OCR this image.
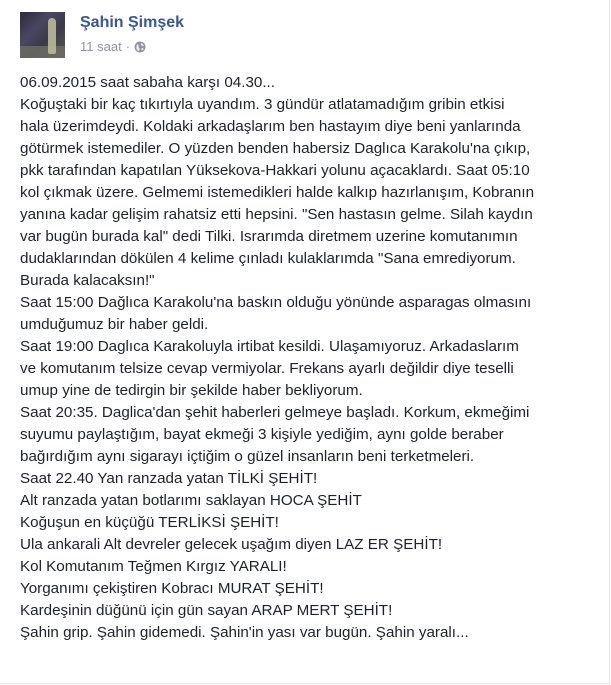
Şahin Şimşek
11 saat ·
06.09.2015 saat sabaha karşı 04.30...
Koğuştaki bir kaç tıkırtıyla uyandım. 3 gündür atlatamadığım gribin etkisi
hala üzerimdeydi. Koldaki arkadaşlarım ben hastayım diye beni yanlarında
götürmek istemediler. O yüzden benden habersiz Daglıca Karakolu'na çıkıp,
pkk tarafından kapatılan Yüksekova-Hakkari yolunu açacaklardı. Saat 05:10
kol çıkmak üzere. Gelmemi istemedikleri halde kalkıp hazırlanışım, Kobranın
yanına kadar gelişim rahatsiz etti hepsini. "Sen hastasın gelme. Silah kaydın
var bugün burada kal" dedi Tilki. Israrımda diretmem uzerine komutanımın
dudaklarından dökülen 4 kelime çınladı kulaklarımda "Sana emrediyorum.
Burada kalacaksın!"
Saat 15:00 Dağlıca Karakolu'na baskın olduğu yönünde asparagas olmasını
umduğumuz bir haber geldi.
Saat 19:00 Daglıca Karakoluyla irtibat kesildi. Ulaşamıyoruz. Arkadaslarım
ve komutanım telsize cevap vermiyolar. Frekans ayarlı değildir diye teselli
umup yine de tedirgin bir şekilde haber bekliyorum.
Saat 20:35. Daglica'dan şehit haberleri gelmeye başladı. Korkum, ekmeğimi
suyumu paylaştığım, bayat ekmeği 3 kişiyle yediğim, aynı golde beraber
bağırdığım aynı sigarayı içtiğim o güzel insanların beni terketmeleri.
Saat 22.40 Yan ranzada yatan TİLKİ ŞEHİT!
Alt ranzada yatan botlarımı saklayan HOCA ŞEHİT
Koğuşun en küçüğü TERLİKSİ ŞEHİT!
Ula ankarali Alt devreler gelecek uşağım diyen LAZ ER ŞEHİT!
Kol Komutanım Teğmen Kırgız YARALI!
Yorganımı çekiştiren Kobracı MURAT ŞEHİT!
Kardeşinin düğünü için gün sayan ARAP MERT ŞEHİT!
Şahin grip. Şahin gidemedi. Şahin'in yası var bugün. Şahin yaralı...
